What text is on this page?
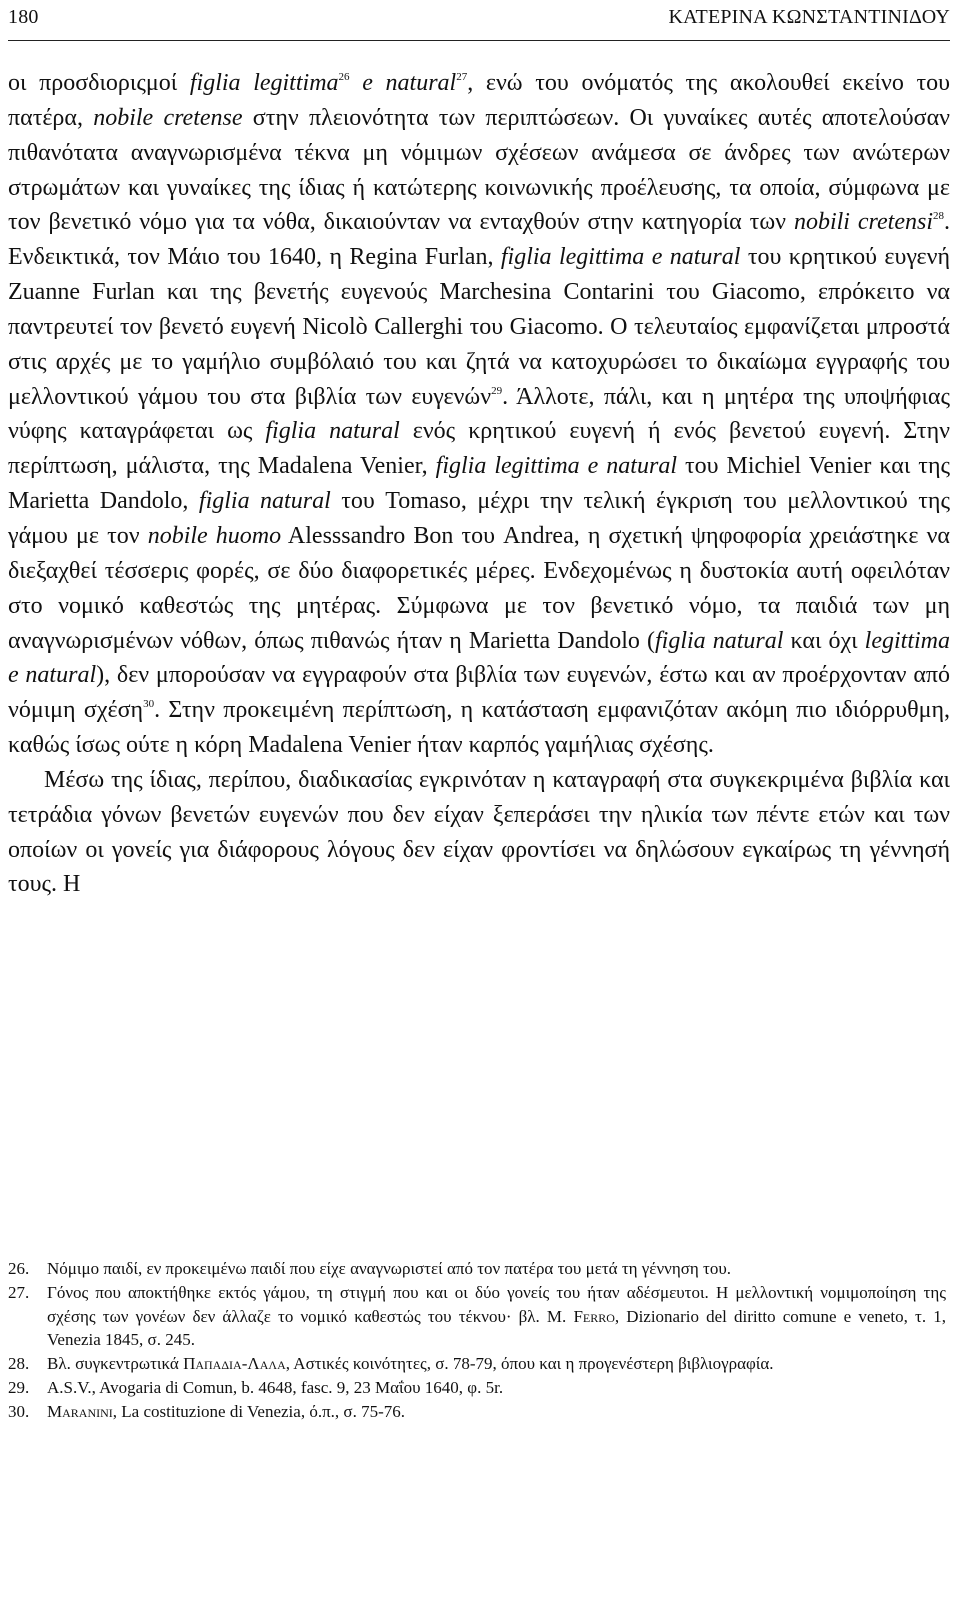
180	ΚΑΤΕΡΙΝΑ ΚΩΝΣΤΑΝΤΙΝΙΔΟΥ

οι προσδιοριςμοί figlia legittima$^{26}$ e natural$^{27}$, ενώ του ονόματός της ακολουθεί εκείνο του πατέρα, nobile cretense στην πλειονότητα των περιπτώσεων. Οι γυναίκες αυτές αποτελούσαν πιθανότατα αναγνωρισμένα τέκνα μη νόμιμων σχέσεων ανάμεσα σε άνδρες των ανώτερων στρωμάτων και γυναίκες της ίδιας ή κατώτερης κοινωνικής προέλευσης, τα οποία, σύμφωνα με τον βενετικό νόμο για τα νόθα, δικαιούνταν να ενταχθούν στην κατηγορία των nobili cretensi$^{28}$. Ενδεικτικά, τον Μάιο του 1640, η Regina Furlan, figlia legittima e natural του κρητικού ευγενή Zuanne Furlan και της βενετής ευγενούς Marchesina Contarini του Giacomo, επρόκειτο να παντρευτεί τον βενετό ευγενή Nicolò Callerghi του Giacomo. Ο τελευταίος εμφανίζεται μπροστά στις αρχές με το γαμήλιο συμβόλαιό του και ζητά να κατοχυρώσει το δικαίωμα εγγραφής του μελλοντικού γάμου του στα βιβλία των ευγενών$^{29}$. Άλλοτε, πάλι, και η μητέρα της υποψήφιας νύφης καταγράφεται ως figlia natural ενός κρητικού ευγενή ή ενός βενετού ευγενή. Στην περίπτωση, μάλιστα, της Madalena Venier, figlia legittima e natural του Michiel Venier και της Marietta Dandolo, figlia natural του Tomaso, μέχρι την τελική έγκριση του μελλοντικού της γάμου με τον nobile huomo Alesssandro Bon του Andrea, η σχετική ψηφοφορία χρειάστηκε να διεξαχθεί τέσσερις φορές, σε δύο διαφορετικές μέρες. Ενδεχομένως η δυστοκία αυτή οφειλόταν στο νομικό καθεστώς της μητέρας. Σύμφωνα με τον βενετικό νόμο, τα παιδιά των μη αναγνωρισμένων νόθων, όπως πιθανώς ήταν η Marietta Dandolo (figlia natural και όχι legittima e natural), δεν μπορούσαν να εγγραφούν στα βιβλία των ευγενών, έστω και αν προέρχονταν από νόμιμη σχέση$^{30}$. Στην προκειμένη περίπτωση, η κατάσταση εμφανιζόταν ακόμη πιο ιδιόρρυθμη, καθώς ίσως ούτε η κόρη Madalena Venier ήταν καρπός γαμήλιας σχέσης.

Μέσω της ίδιας, περίπου, διαδικασίας εγκρινόταν η καταγραφή στα συγκεκριμένα βιβλία και τετράδια γόνων βενετών ευγενών που δεν είχαν ξεπεράσει την ηλικία των πέντε ετών και των οποίων οι γονείς για διάφορους λόγους δεν είχαν φροντίσει να δηλώσουν εγκαίρως τη γέννησή τους. Η

26.	Νόμιμο παιδί, εν προκειμένω παιδί που είχε αναγνωριστεί από τον πατέρα του μετά τη γέννηση του.
27.	Γόνος που αποκτήθηκε εκτός γάμου, τη στιγμή που και οι δύο γονείς του ήταν αδέσμευτοι. Η μελλοντική νομιμοποίηση της σχέσης των γονέων δεν άλλαζε το νομικό καθεστώς του τέκνου· βλ. M. Ferro, Dizionario del diritto comune e veneto, τ. 1, Venezia 1845, σ. 245.
28.	Βλ. συγκεντρωτικά Παπαδια-Λαλα, Αστικές κοινότητες, σ. 78-79, όπου και η προγενέστερη βιβλιογραφία.
29.	A.S.V., Avogaria di Comun, b. 4648, fasc. 9, 23 Μαΐου 1640, φ. 5r.
30.	Maranini, La costituzione di Venezia, ό.π., σ. 75-76.
